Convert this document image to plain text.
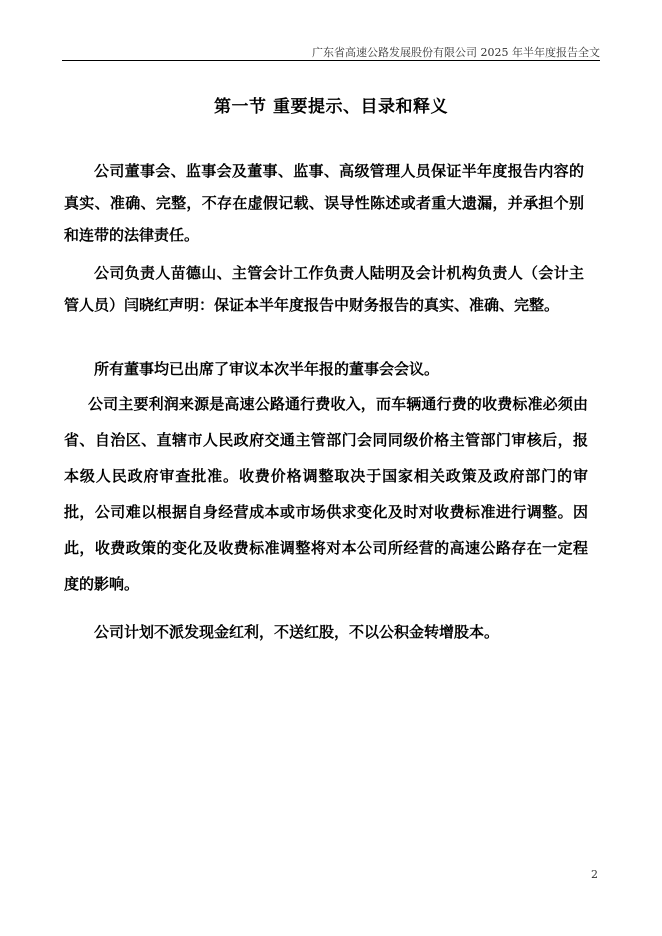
广东省高速公路发展股份有限公司 2025 年半年度报告全文
第一节 重要提示、目录和释义

公司董事会、监事会及董事、监事、高级管理人员保证半年度报告内容的真实、准确、完整，不存在虚假记载、误导性陈述或者重大遗漏，并承担个别和连带的法律责任。

公司负责人苗德山、主管会计工作负责人陆明及会计机构负责人（会计主管人员）闫晓红声明：保证本半年度报告中财务报告的真实、准确、完整。

所有董事均已出席了审议本次半年报的董事会会议。

公司主要利润来源是高速公路通行费收入，而车辆通行费的收费标准必须由省、自治区、直辖市人民政府交通主管部门会同同级价格主管部门审核后，报本级人民政府审查批准。收费价格调整取决于国家相关政策及政府部门的审批，公司难以根据自身经营成本或市场供求变化及时对收费标准进行调整。因此，收费政策的变化及收费标准调整将对本公司所经营的高速公路存在一定程度的影响。

公司计划不派发现金红利，不送红股，不以公积金转增股本。

2
